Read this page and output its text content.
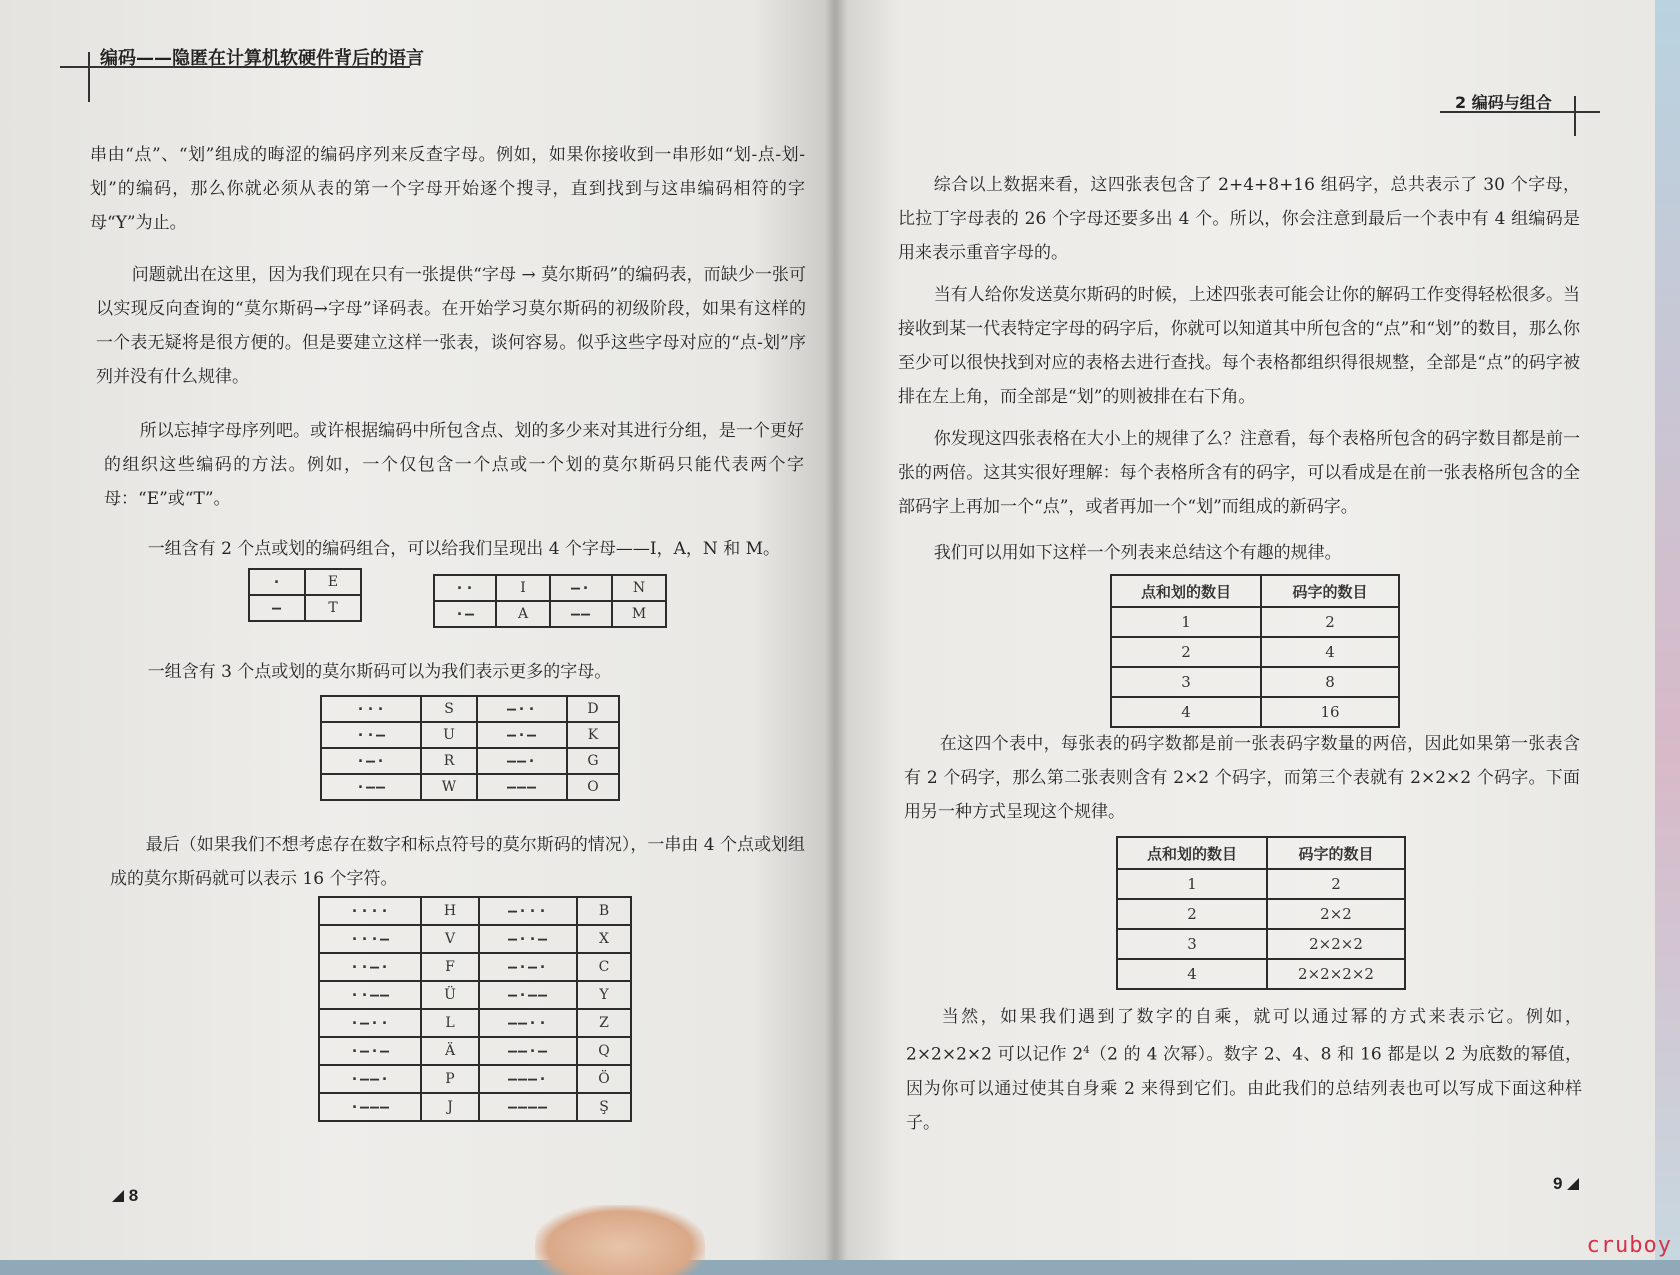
编码——隐匿在计算机软硬件背后的语言

串由“点”、“划”组成的晦涩的编码序列来反查字母。例如，如果你接收到一串形如“划-点-划-划”的编码，那么你就必须从表的第一个字母开始逐个搜寻，直到找到与这串编码相符的字母“Y”为止。

问题就出在这里，因为我们现在只有一张提供“字母 → 莫尔斯码”的编码表，而缺少一张可以实现反向查询的“莫尔斯码→字母”译码表。在开始学习莫尔斯码的初级阶段，如果有这样的一个表无疑将是很方便的。但是要建立这样一张表，谈何容易。似乎这些字母对应的“点-划”序列并没有什么规律。

所以忘掉字母序列吧。或许根据编码中所包含点、划的多少来对其进行分组，是一个更好的组织这些编码的方法。例如，一个仅包含一个点或一个划的莫尔斯码只能代表两个字母：“E”或“T”。

一组含有 2 个点或划的编码组合，可以给我们呈现出 4 个字母——I，A，N 和 M。

·	E
—	T
··	I	—·	N
·—	A	——	M

一组含有 3 个点或划的莫尔斯码可以为我们表示更多的字母。

···	S	—··	D
··—	U	—·—	K
·—·	R	——·	G
·——	W	———	O

最后（如果我们不想考虑存在数字和标点符号的莫尔斯码的情况），一串由 4 个点或划组成的莫尔斯码就可以表示 16 个字符。

····	H	—···	B
···—	V	—··—	X
··—·	F	—·—·	C
··——	Ü	—·——	Y
·—··	L	——··	Z
·—·—	Ä	——·—	Q
·——·	P	———·	Ö
·———	J	————	Ş
8
2 编码与组合

综合以上数据来看，这四张表包含了 2+4+8+16 组码字，总共表示了 30 个字母，比拉丁字母表的 26 个字母还要多出 4 个。所以，你会注意到最后一个表中有 4 组编码是用来表示重音字母的。

当有人给你发送莫尔斯码的时候，上述四张表可能会让你的解码工作变得轻松很多。当接收到某一代表特定字母的码字后，你就可以知道其中所包含的“点”和“划”的数目，那么你至少可以很快找到对应的表格去进行查找。每个表格都组织得很规整，全部是“点”的码字被排在左上角，而全部是“划”的则被排在右下角。

你发现这四张表格在大小上的规律了么？注意看，每个表格所包含的码字数目都是前一张的两倍。这其实很好理解：每个表格所含有的码字，可以看成是在前一张表格所包含的全部码字上再加一个“点”，或者再加一个“划”而组成的新码字。

我们可以用如下这样一个列表来总结这个有趣的规律。

点和划的数目	码字的数目
1	2
2	4
3	8
4	16

在这四个表中，每张表的码字数都是前一张表码字数量的两倍，因此如果第一张表含有 2 个码字，那么第二张表则含有 2×2 个码字，而第三个表就有 2×2×2 个码字。下面用另一种方式呈现这个规律。

点和划的数目	码字的数目
1	2
2	2×2
3	2×2×2
4	2×2×2×2

当然，如果我们遇到了数字的自乘，就可以通过幂的方式来表示它。例如，2×2×2×2 可以记作 $2^4(2$ 的 4 次幂）。数字 2、4、8 和 16 都是以 2 为底数的幂值，因为你可以通过使其自身乘 2 来得到它们。由此我们的总结列表也可以写成下面这种样子。

9
cruboy
